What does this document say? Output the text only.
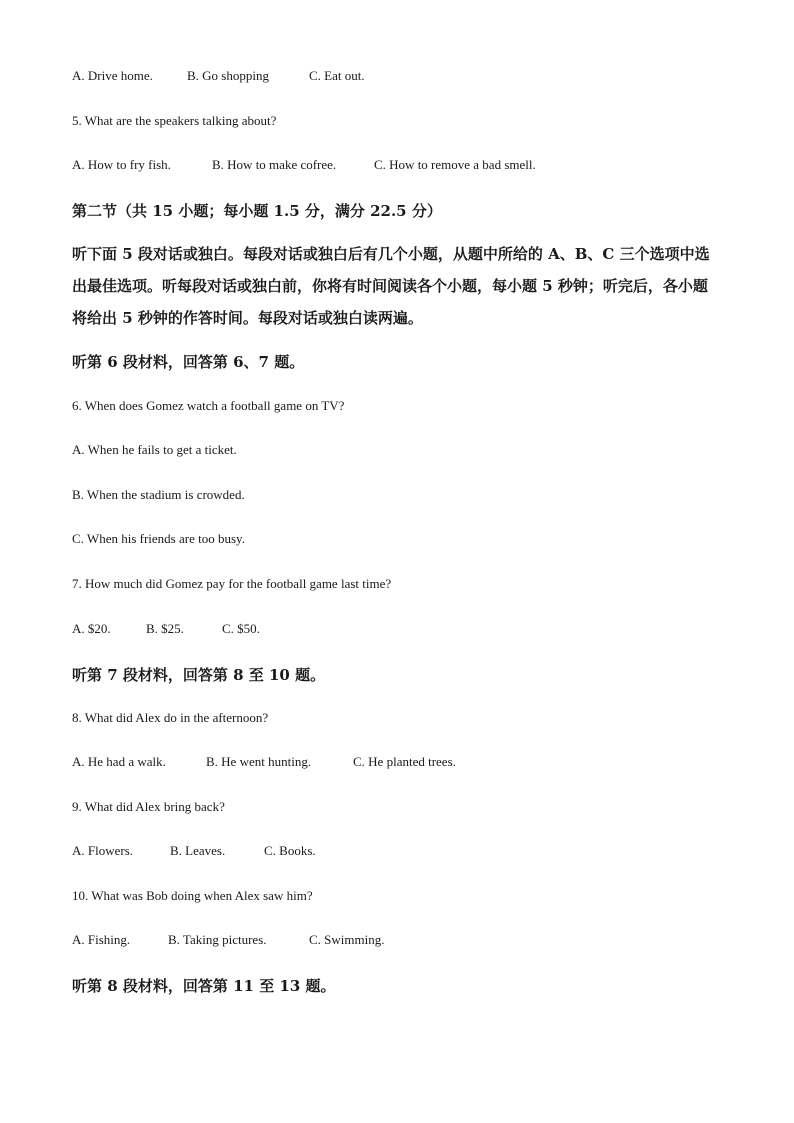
A. Drive home.	B. Go shopping	C. Eat out.
5. What are the speakers talking about?
A. How to fry fish.	B. How to make cofree.	C. How to remove a bad smell.
第二节（共 15 小题；每小题 1.5 分，满分 22.5 分）
听下面 5 段对话或独白。每段对话或独白后有几个小题，从题中所给的 A、B、C 三个选项中选出最佳选项。听每段对话或独白前，你将有时间阅读各个小题，每小题 5 秒钟；听完后，各小题将给出 5 秒钟的作答时间。每段对话或独白读两遍。
听第 6 段材料，回答第 6、7 题。
6. When does Gomez watch a football game on TV?
A. When he fails to get a ticket.
B. When the stadium is crowded.
C. When his friends are too busy.
7. How much did Gomez pay for the football game last time?
A. $20.	B. $25.	C. $50.
听第 7 段材料，回答第 8 至 10 题。
8. What did Alex do in the afternoon?
A. He had a walk.	B. He went hunting.	C. He planted trees.
9. What did Alex bring back?
A. Flowers.	B. Leaves.	C. Books.
10. What was Bob doing when Alex saw him?
A. Fishing.	B. Taking pictures.	C. Swimming.
听第 8 段材料，回答第 11 至 13 题。
